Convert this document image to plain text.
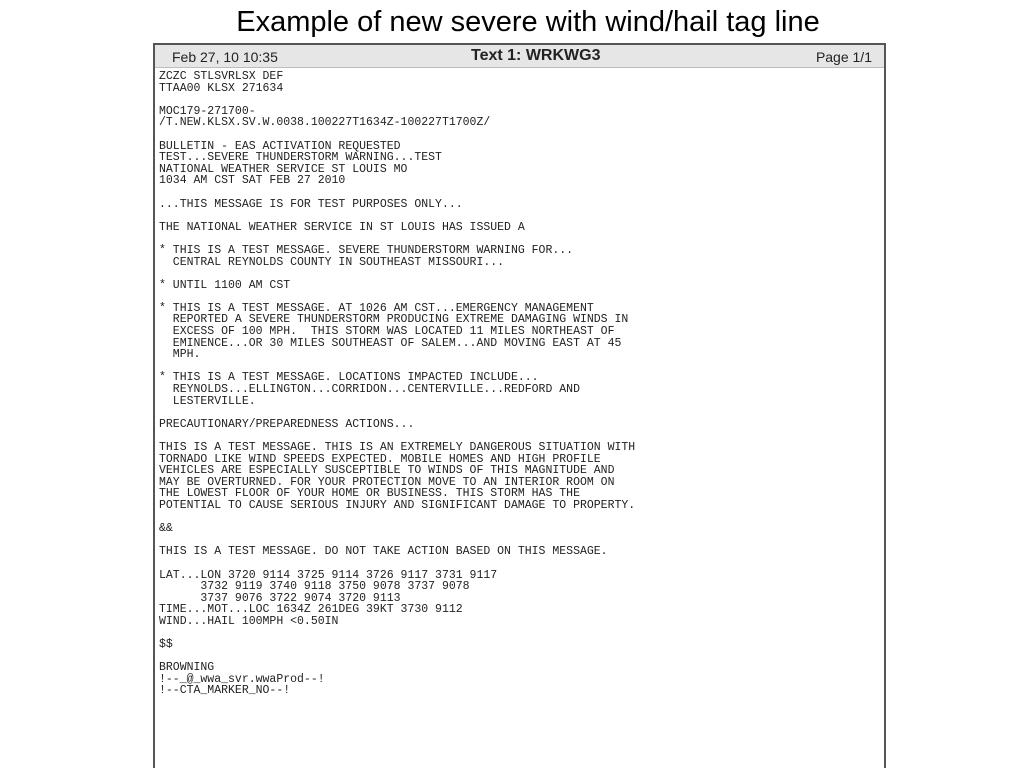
Example of new severe with wind/hail tag line
Feb 27, 10 10:35	Text 1: WRKWG3	Page 1/1
ZCZC STLSVRLSX DEF
TTAA00 KLSX 271634

MOC179-271700-
/T.NEW.KLSX.SV.W.0038.100227T1634Z-100227T1700Z/

BULLETIN - EAS ACTIVATION REQUESTED
TEST...SEVERE THUNDERSTORM WARNING...TEST
NATIONAL WEATHER SERVICE ST LOUIS MO
1034 AM CST SAT FEB 27 2010

...THIS MESSAGE IS FOR TEST PURPOSES ONLY...

THE NATIONAL WEATHER SERVICE IN ST LOUIS HAS ISSUED A

* THIS IS A TEST MESSAGE. SEVERE THUNDERSTORM WARNING FOR...
CENTRAL REYNOLDS COUNTY IN SOUTHEAST MISSOURI...

* UNTIL 1100 AM CST

* THIS IS A TEST MESSAGE. AT 1026 AM CST...EMERGENCY MANAGEMENT
REPORTED A SEVERE THUNDERSTORM PRODUCING EXTREME DAMAGING WINDS IN
EXCESS OF 100 MPH.  THIS STORM WAS LOCATED 11 MILES NORTHEAST OF
EMINENCE...OR 30 MILES SOUTHEAST OF SALEM...AND MOVING EAST AT 45
MPH.

* THIS IS A TEST MESSAGE. LOCATIONS IMPACTED INCLUDE...
REYNOLDS...ELLINGTON...CORRIDON...CENTERVILLE...REDFORD AND
LESTERVILLE.

PRECAUTIONARY/PREPAREDNESS ACTIONS...

THIS IS A TEST MESSAGE. THIS IS AN EXTREMELY DANGEROUS SITUATION WITH
TORNADO LIKE WIND SPEEDS EXPECTED. MOBILE HOMES AND HIGH PROFILE
VEHICLES ARE ESPECIALLY SUSCEPTIBLE TO WINDS OF THIS MAGNITUDE AND
MAY BE OVERTURNED. FOR YOUR PROTECTION MOVE TO AN INTERIOR ROOM ON
THE LOWEST FLOOR OF YOUR HOME OR BUSINESS. THIS STORM HAS THE
POTENTIAL TO CAUSE SERIOUS INJURY AND SIGNIFICANT DAMAGE TO PROPERTY.

&&

THIS IS A TEST MESSAGE. DO NOT TAKE ACTION BASED ON THIS MESSAGE.

LAT...LON 3720 9114 3725 9114 3726 9117 3731 9117
3732 9119 3740 9118 3750 9078 3737 9078
3737 9076 3722 9074 3720 9113
TIME...MOT...LOC 1634Z 261DEG 39KT 3730 9112
WIND...HAIL 100MPH <0.50IN

$$

BROWNING
!--_@_wwa_svr.wwaProd--!
!--CTA_MARKER_NO--!
